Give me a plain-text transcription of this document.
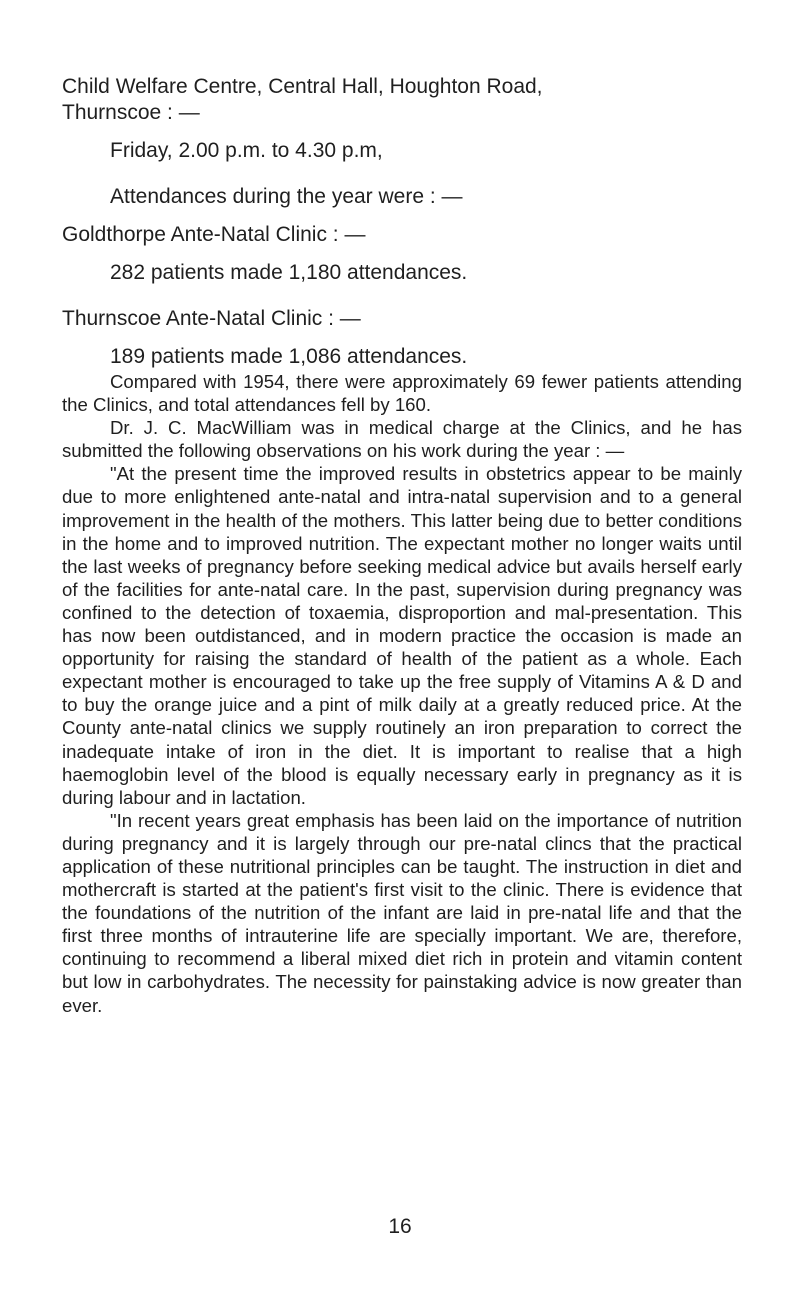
Child Welfare Centre, Central Hall, Houghton Road,

Thurnscoe : —

Friday, 2.00 p.m. to 4.30 p.m,

Attendances during the year were : —

Goldthorpe Ante-Natal Clinic : —

282 patients made 1,180 attendances.

Thurnscoe Ante-Natal Clinic : —

189 patients made 1,086 attendances.

Compared with 1954, there were approximately 69 fewer patients attending the Clinics, and total attendances fell by 160.

Dr. J. C. MacWilliam was in medical charge at the Clinics, and he has submitted the following observations on his work during the year : —

"At the present time the improved results in obstetrics appear to be mainly due to more enlightened ante-natal and intra-natal supervision and to a general improvement in the health of the mothers. This latter being due to better conditions in the home and to improved nutrition. The expectant mother no longer waits until the last weeks of pregnancy before seeking medical advice but avails herself early of the facilities for ante-natal care. In the past, supervision during pregnancy was confined to the detection of toxaemia, disproportion and mal-presentation. This has now been outdistanced, and in modern practice the occasion is made an opportunity for raising the standard of health of the patient as a whole. Each expectant mother is encouraged to take up the free supply of Vitamins A & D and to buy the orange juice and a pint of milk daily at a greatly reduced price. At the County ante-natal clinics we supply routinely an iron preparation to correct the inadequate intake of iron in the diet. It is important to realise that a high haemoglobin level of the blood is equally necessary early in pregnancy as it is during labour and in lactation.

"In recent years great emphasis has been laid on the importance of nutrition during pregnancy and it is largely through our pre-natal clincs that the practical application of these nutritional principles can be taught. The instruction in diet and mothercraft is started at the patient's first visit to the clinic. There is evidence that the foundations of the nutrition of the infant are laid in pre-natal life and that the first three months of intrauterine life are specially important. We are, therefore, continuing to recommend a liberal mixed diet rich in protein and vitamin content but low in carbohydrates. The necessity for painstaking advice is now greater than ever.

16
